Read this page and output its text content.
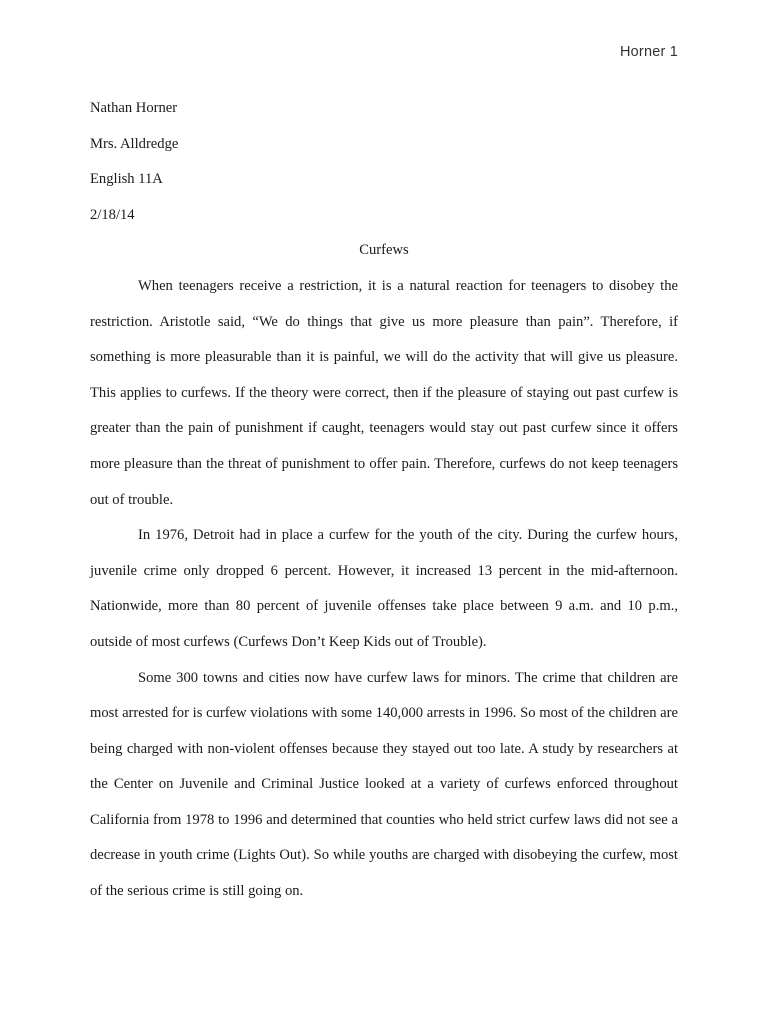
Horner 1
Nathan Horner
Mrs. Alldredge
English 11A
2/18/14
Curfews

When teenagers receive a restriction, it is a natural reaction for teenagers to disobey the restriction. Aristotle said, “We do things that give us more pleasure than pain”. Therefore, if something is more pleasurable than it is painful, we will do the activity that will give us pleasure. This applies to curfews. If the theory were correct, then if the pleasure of staying out past curfew is greater than the pain of punishment if caught, teenagers would stay out past curfew since it offers more pleasure than the threat of punishment to offer pain. Therefore, curfews do not keep teenagers out of trouble.

In 1976, Detroit had in place a curfew for the youth of the city. During the curfew hours, juvenile crime only dropped 6 percent. However, it increased 13 percent in the mid-afternoon. Nationwide, more than 80 percent of juvenile offenses take place between 9 a.m. and 10 p.m., outside of most curfews (Curfews Don’t Keep Kids out of Trouble).

Some 300 towns and cities now have curfew laws for minors. The crime that children are most arrested for is curfew violations with some 140,000 arrests in 1996. So most of the children are being charged with non-violent offenses because they stayed out too late. A study by researchers at the Center on Juvenile and Criminal Justice looked at a variety of curfews enforced throughout California from 1978 to 1996 and determined that counties who held strict curfew laws did not see a decrease in youth crime (Lights Out). So while youths are charged with disobeying the curfew, most of the serious crime is still going on.
